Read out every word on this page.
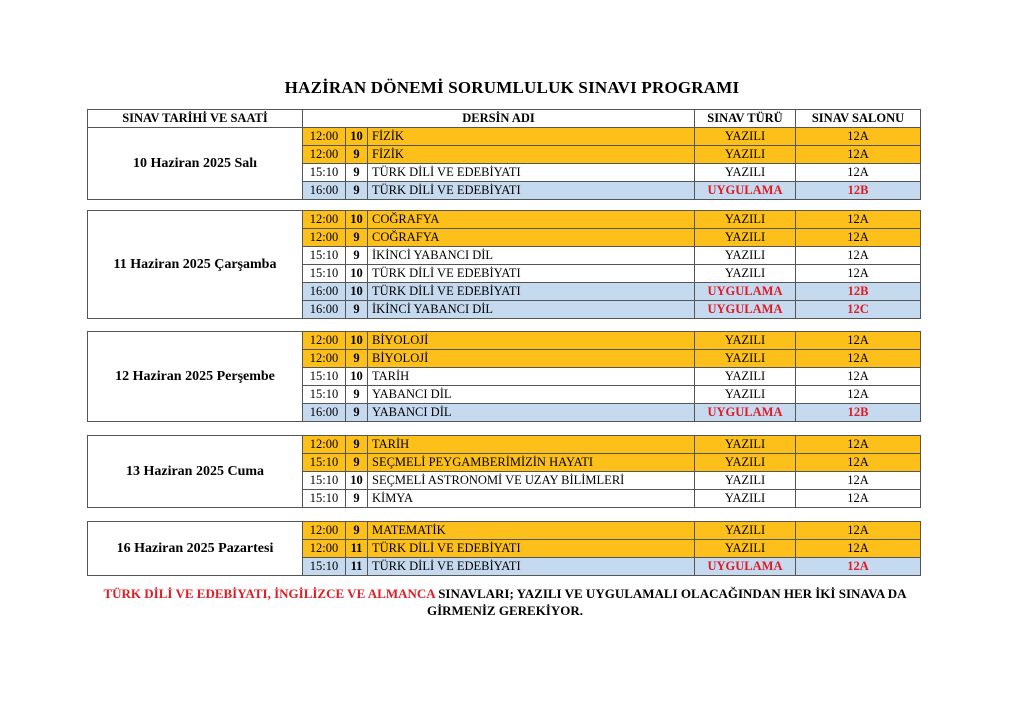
HAZİRAN DÖNEMİ SORUMLULUK SINAVI PROGRAMI
SINAV TARİHİ VE SAATİ	DERSİN ADI			SINAV TÜRÜ	SINAV SALONU
10 Haziran 2025 Salı	12:00	10	FİZİK	YAZILI	12A
	12:00	9	FİZİK	YAZILI	12A
	15:10	9	TÜRK DİLİ VE EDEBİYATI	YAZILI	12A
	16:00	9	TÜRK DİLİ VE EDEBİYATI	UYGULAMA	12B
11 Haziran 2025 Çarşamba	12:00	10	COĞRAFYA	YAZILI	12A
	12:00	9	COĞRAFYA	YAZILI	12A
	15:10	9	İKİNCİ YABANCI DİL	YAZILI	12A
	15:10	10	TÜRK DİLİ VE EDEBİYATI	YAZILI	12A
	16:00	10	TÜRK DİLİ VE EDEBİYATI	UYGULAMA	12B
	16:00	9	İKİNCİ YABANCI DİL	UYGULAMA	12C
12 Haziran 2025 Perşembe	12:00	10	BİYOLOJİ	YAZILI	12A
	12:00	9	BİYOLOJİ	YAZILI	12A
	15:10	10	TARİH	YAZILI	12A
	15:10	9	YABANCI DİL	YAZILI	12A
	16:00	9	YABANCI DİL	UYGULAMA	12B
13 Haziran 2025 Cuma	12:00	9	TARİH	YAZILI	12A
	15:10	9	SEÇMELİ PEYGAMBERİMİZİN HAYATI	YAZILI	12A
	15:10	10	SEÇMELİ ASTRONOMİ VE UZAY BİLİMLERİ	YAZILI	12A
	15:10	9	KİMYA	YAZILI	12A
16 Haziran 2025 Pazartesi	12:00	9	MATEMATİK	YAZILI	12A
	12:00	11	TÜRK DİLİ VE EDEBİYATI	YAZILI	12A
	15:10	11	TÜRK DİLİ VE EDEBİYATI	UYGULAMA	12A
TÜRK DİLİ VE EDEBİYATI, İNGİLİZCE VE ALMANCA SINAVLARI; YAZILI VE UYGULAMALI OLACAĞINDAN HER İKİ SINAVA DA GİRMENİZ GEREKİYOR.
